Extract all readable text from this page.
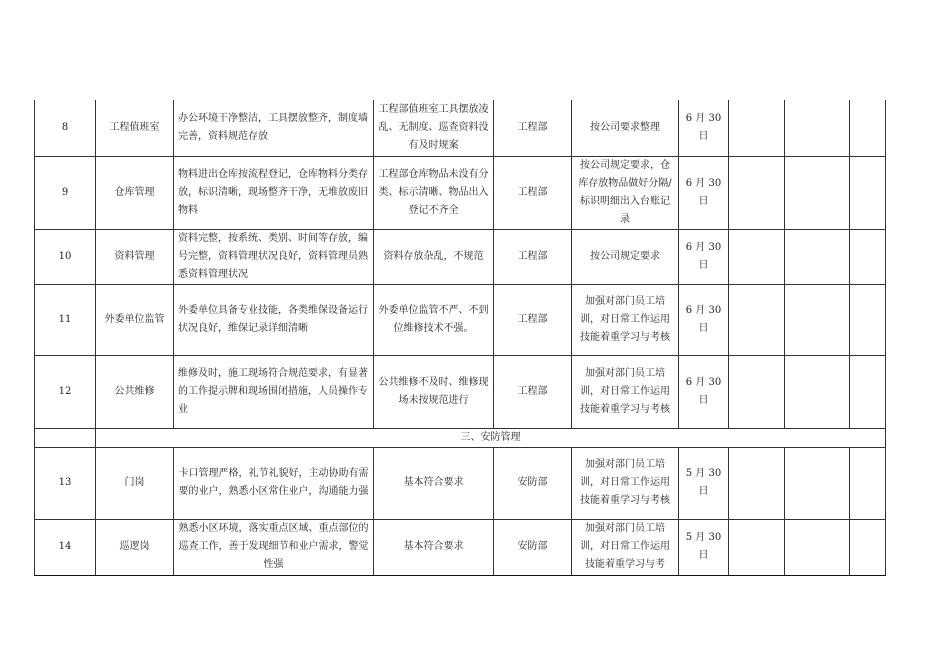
8	工程值班室	办公环境干净整洁，工具摆放整齐，制度墙完善，资料规范存放	工程部值班室工具摆放凌乱、无制度、巡查资料没有及时规案	工程部	按公司要求整理	6 月 30 日			
9	仓库管理	物料进出仓库按流程登记，仓库物料分类存放，标识清晰，现场整齐干净，无堆放废旧物料	工程部仓库物品未没有分类、标示清晰、物品出入登记不齐全	工程部	按公司规定要求，仓库存放物品做好分隔/标识明细出入台账记录	6 月 30 日			
10	资料管理	资料完整，按系统、类别、时间等存放，编号完整，资料管理状况良好，资料管理员熟悉资料管理状况	资料存放杂乱，不规范	工程部	按公司规定要求	6 月 30 日			
11	外委单位监管	外委单位具备专业技能，各类维保设备运行状况良好，维保记录详细清晰	外委单位监管不严、不到位维修技术不强。	工程部	加强对部门员工培训，对日常工作运用技能着重学习与考核	6 月 30 日			
12	公共维修	维修及时，施工现场符合规范要求，有显著的工作提示牌和现场围闭措施，人员操作专业	公共维修不及时、维修现场未按规范进行	工程部	加强对部门员工培训，对日常工作运用技能着重学习与考核	6 月 30 日			
	三、安防管理								
13	门岗	卡口管理严格，礼节礼貌好，主动协助有需要的业户，熟悉小区常住业户，沟通能力强	基本符合要求	安防部	加强对部门员工培训，对日常工作运用技能着重学习与考核	5 月 30 日			
14	巡逻岗	熟悉小区环境，落实重点区域、重点部位的巡查工作，善于发现细节和业户需求，警觉性强	基本符合要求	安防部	加强对部门员工培训，对日常工作运用技能着重学习与考	5 月 30 日			
